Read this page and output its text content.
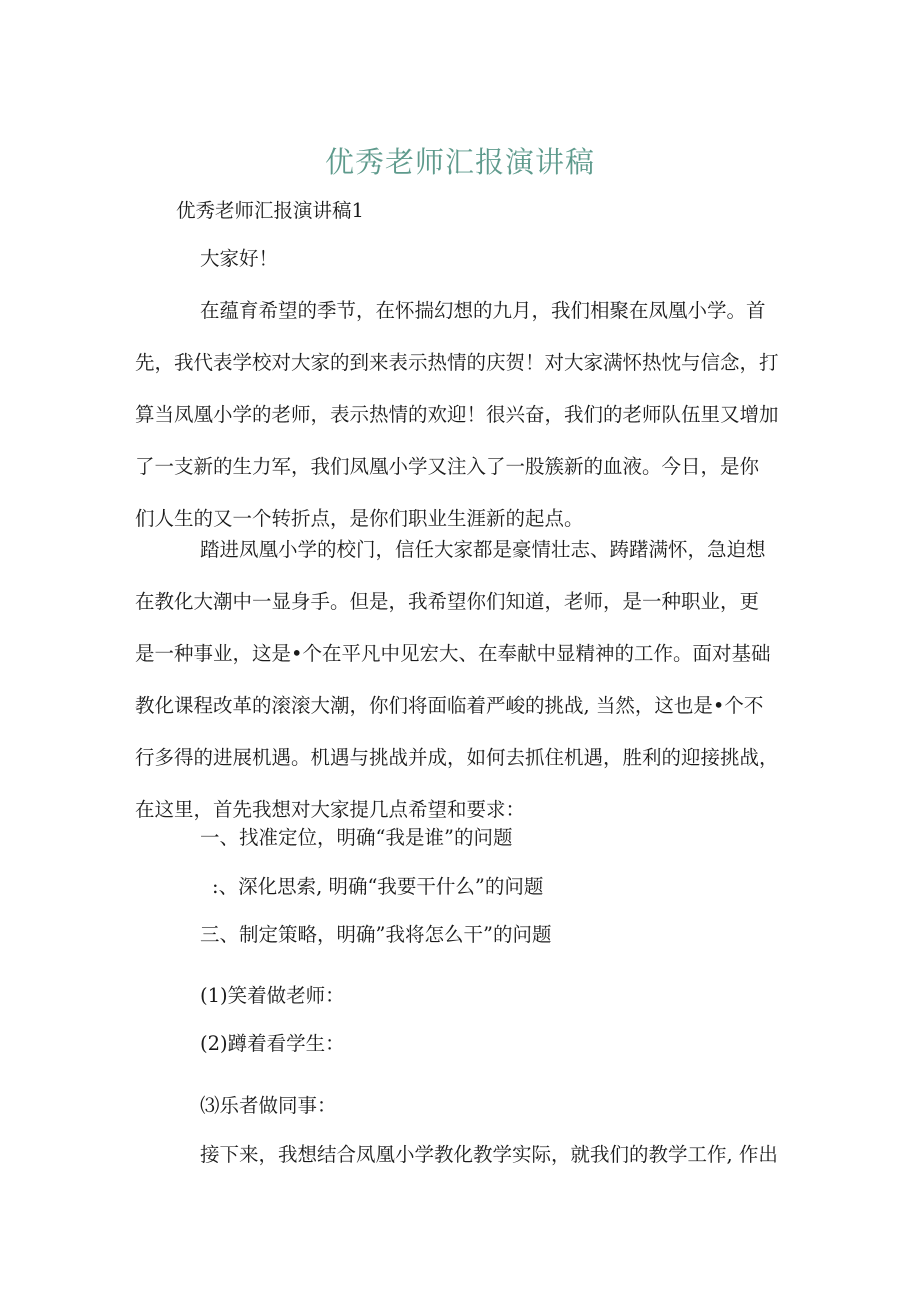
优秀老师汇报演讲稿

优秀老师汇报演讲稿1

大家好！

在蕴育希望的季节，在怀揣幻想的九月，我们相聚在凤凰小学。首
先，我代表学校对大家的到来表示热情的庆贺！对大家满怀热忱与信念，打
算当凤凰小学的老师，表示热情的欢迎！很兴奋，我们的老师队伍里又增加
了一支新的生力军，我们凤凰小学又注入了一股簇新的血液。今日，是你
们人生的又一个转折点，是你们职业生涯新的起点。
踏进凤凰小学的校门，信任大家都是豪情壮志、踌躇满怀，急迫想
在教化大潮中一显身手。但是，我希望你们知道，老师，是一种职业，更
是一种事业，这是•个在平凡中见宏大、在奉献中显精神的工作。面对基础
教化课程改革的滚滚大潮，你们将面临着严峻的挑战, 当然，这也是•个不
行多得的进展机遇。机遇与挑战并成，如何去抓住机遇，胜利的迎接挑战，
在这里，首先我想对大家提几点希望和要求：

一、找准定位，明确“我是谁”的问题

:、深化思索, 明确“我要干什么”的问题

三、制定策略，明确”我将怎么干”的问题

(1)笑着做老师：

(2)蹲着看学生：

⑶乐者做同事：

接下来，我想结合凤凰小学教化教学实际，就我们的教学工作, 作出
